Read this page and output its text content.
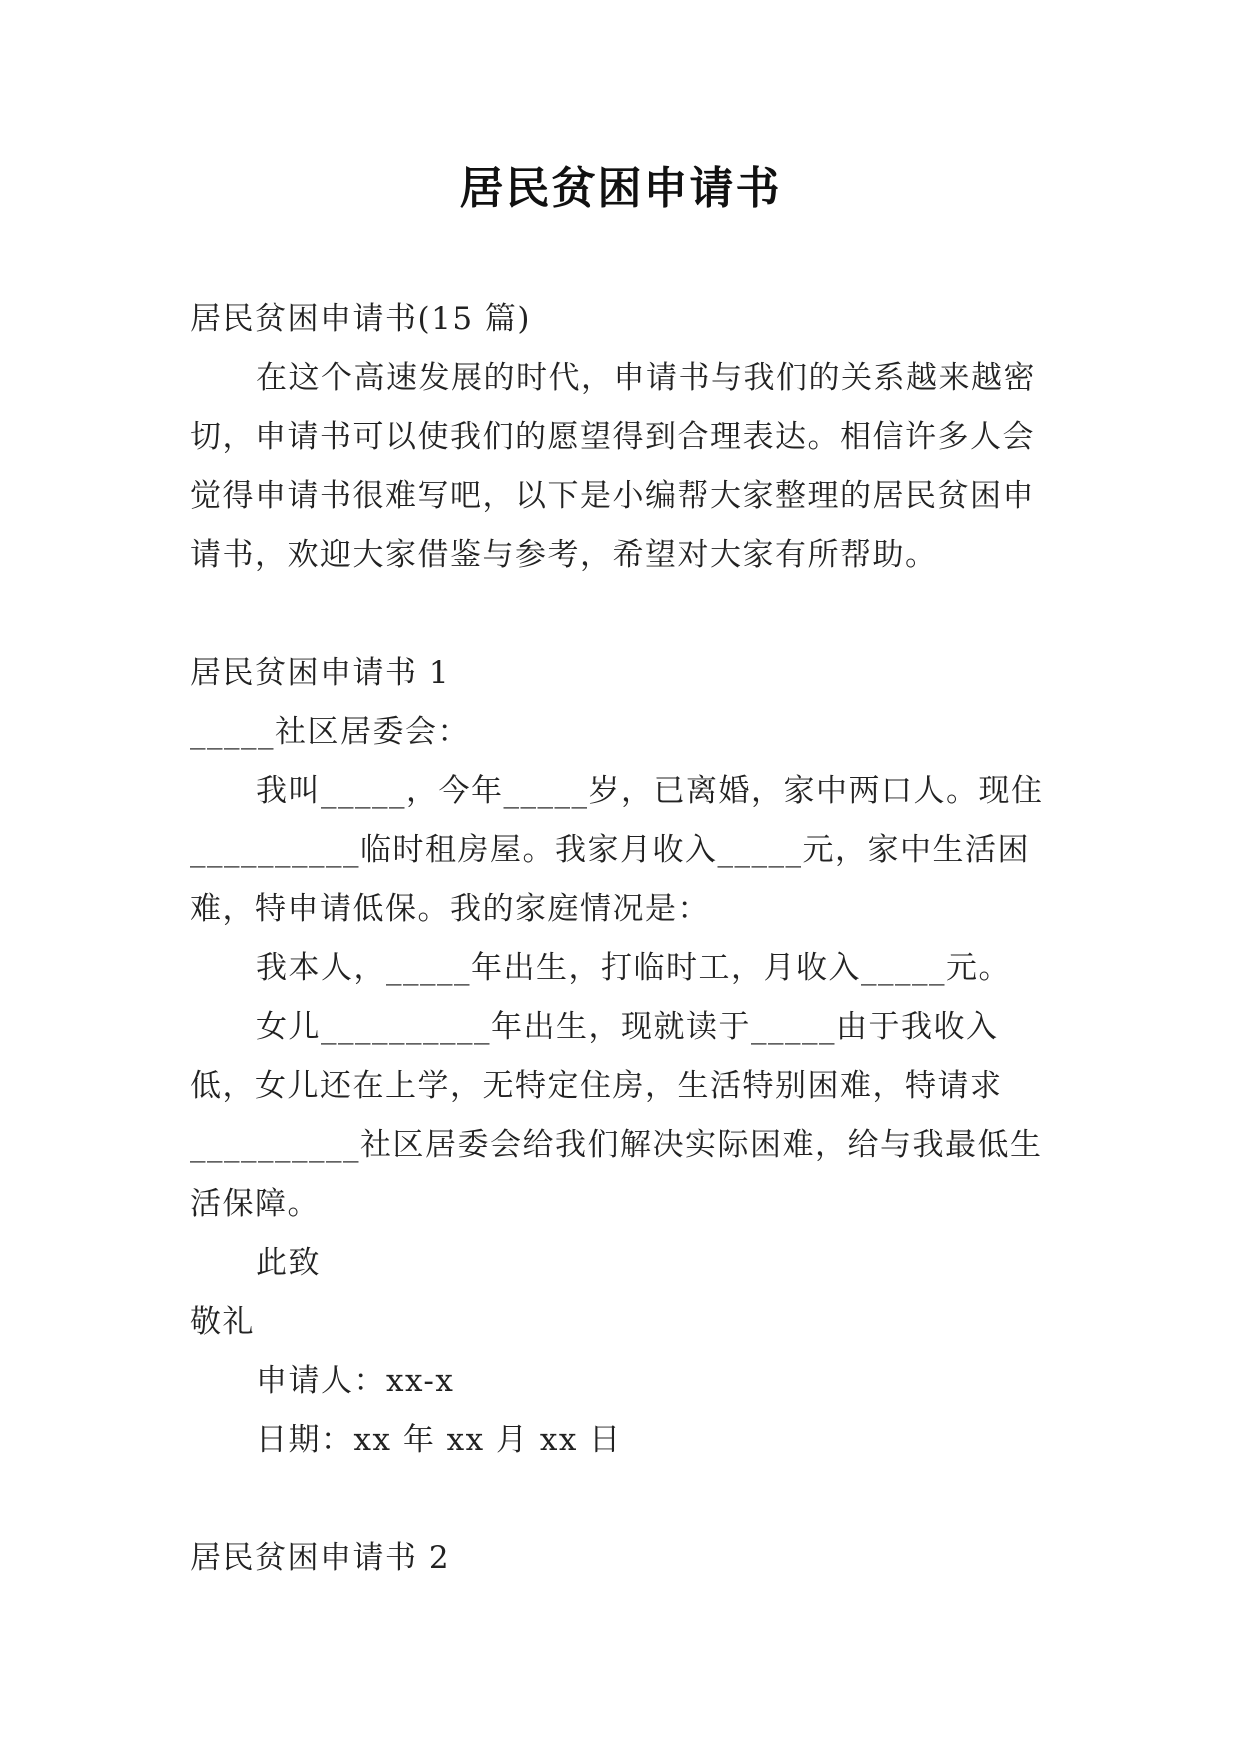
居民贫困申请书

居民贫困申请书(15 篇)

在这个高速发展的时代，申请书与我们的关系越来越密切，申请书可以使我们的愿望得到合理表达。相信许多人会觉得申请书很难写吧，以下是小编帮大家整理的居民贫困申请书，欢迎大家借鉴与参考，希望对大家有所帮助。

居民贫困申请书 1

_____社区居委会：

我叫_____，今年_____岁，已离婚，家中两口人。现住__________临时租房屋。我家月收入_____元，家中生活困难，特申请低保。我的家庭情况是：

我本人，_____年出生，打临时工，月收入_____元。

女儿__________年出生，现就读于_____由于我收入低，女儿还在上学，无特定住房，生活特别困难，特请求__________社区居委会给我们解决实际困难，给与我最低生活保障。

此致

敬礼

申请人：xx-x

日期：xx 年 xx 月 xx 日

居民贫困申请书 2
